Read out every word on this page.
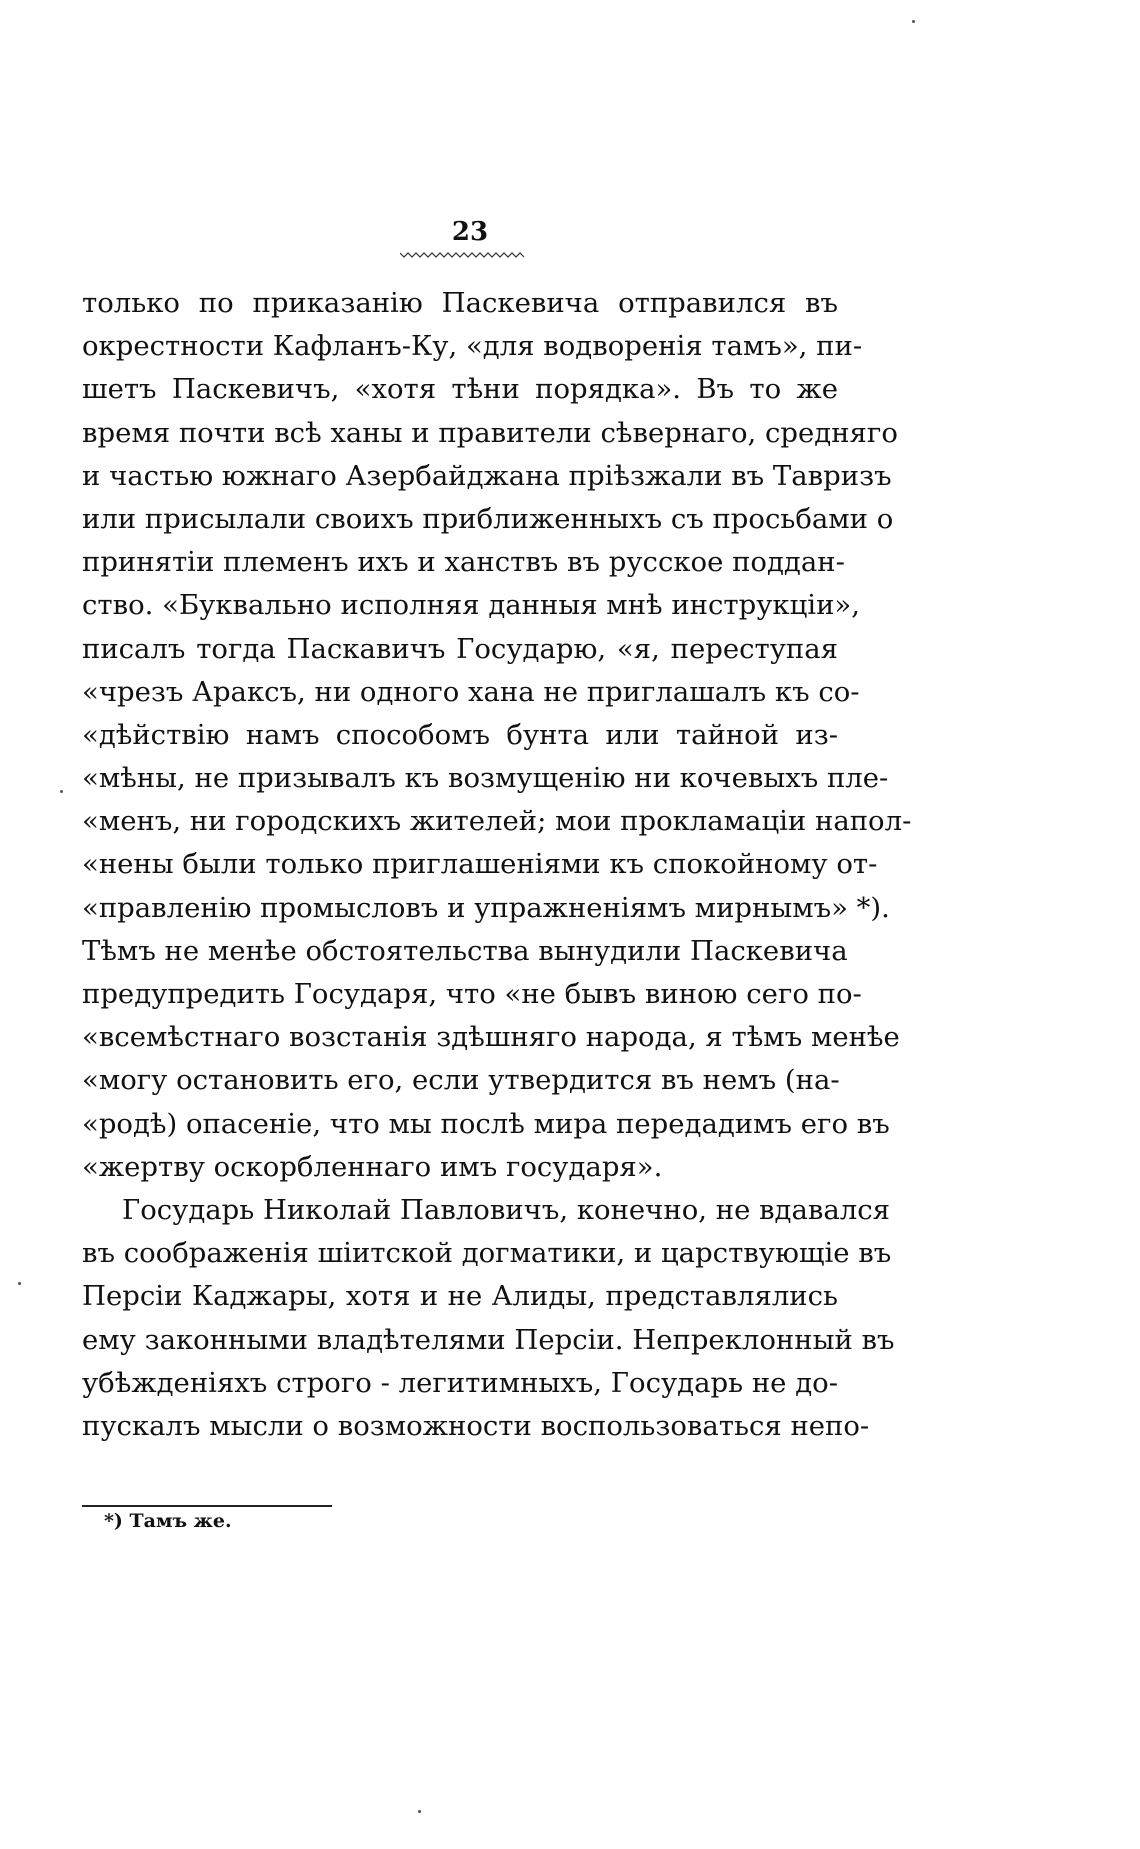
23
только по приказанію Паскевича отправился въ
окрестности Кафланъ-Ку, «для водворенія тамъ», пи-
шетъ Паскевичъ, «хотя тѣни порядка». Въ то же
время почти всѣ ханы и правители сѣвернаго, средняго
и частью южнаго Азербайджана пріѣзжали въ Тавризъ
или присылали своихъ приближенныхъ съ просьбами о
принятіи племенъ ихъ и ханствъ въ русское поддан-
ство. «Буквально исполняя данныя мнѣ инструкціи»,
писалъ тогда Паскавичъ Государю, «я, переступая
«чрезъ Араксъ, ни одного хана не приглашалъ къ со-
«дѣйствію намъ способомъ бунта или тайной из-
«мѣны, не призывалъ къ возмущенію ни кочевыхъ пле-
«менъ, ни городскихъ жителей; мои прокламаціи напол-
«нены были только приглашеніями къ спокойному от-
«правленію промысловъ и упражненіямъ мирнымъ» *).
Тѣмъ не менѣе обстоятельства вынудили Паскевича
предупредить Государя, что «не бывъ виною сего по-
«всемѣстнаго возстанія здѣшняго народа, я тѣмъ менѣе
«могу остановить его, если утвердится въ немъ (на-
«родѣ) опасеніе, что мы послѣ мира передадимъ его въ
«жертву оскорбленнаго имъ государя».
Государь Николай Павловичъ, конечно, не вдавался
въ соображенія шiитской догматики, и царствующіе въ
Персіи Каджары, хотя и не Алиды, представлялись
ему законными владѣтелями Персіи. Непреклонный въ
убѣжденіяхъ строго - легитимныхъ, Государь не до-
пускалъ мысли о возможности воспользоваться непо-
*) Тамъ же.
